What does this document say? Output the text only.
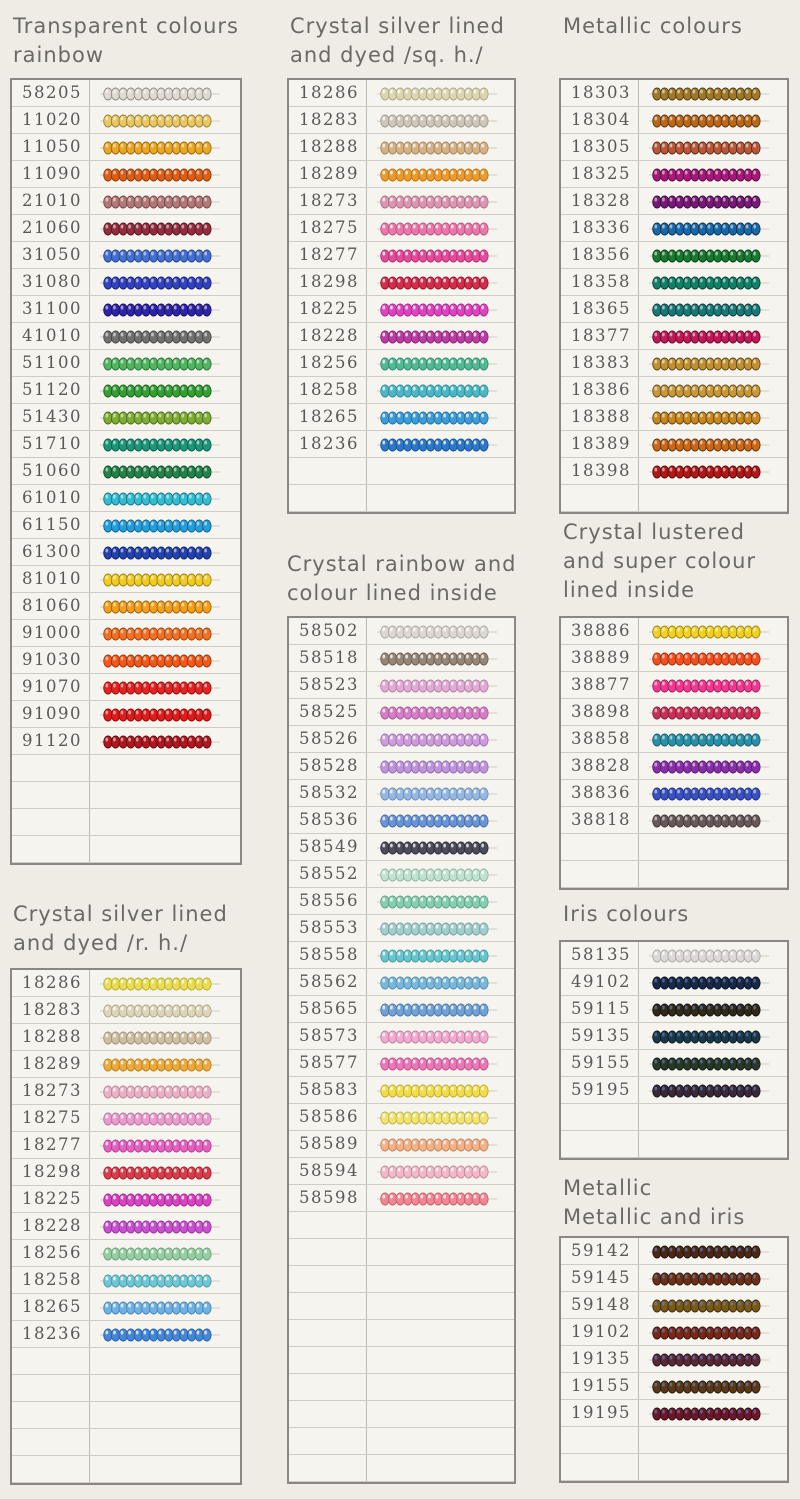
Transparent colours
rainbow
58205
11020
11050
11090
21010
21060
31050
31080
31100
41010
51100
51120
51430
51710
51060
61010
61150
61300
81010
81060
91000
91030
91070
91090
91120
Crystal silver lined
and dyed /sq. h./
18286
18283
18288
18289
18273
18275
18277
18298
18225
18228
18256
18258
18265
18236
Metallic colours
18303
18304
18305
18325
18328
18336
18356
18358
18365
18377
18383
18386
18388
18389
18398
Crystal rainbow and
colour lined inside
58502
58518
58523
58525
58526
58528
58532
58536
58549
58552
58556
58553
58558
58562
58565
58573
58577
58583
58586
58589
58594
58598
Crystal lustered
and super colour
lined inside
38886
38889
38877
38898
38858
38828
38836
38818
Crystal silver lined
and dyed /r. h./
18286
18283
18288
18289
18273
18275
18277
18298
18225
18228
18256
18258
18265
18236
Iris colours
58135
49102
59115
59135
59155
59195
Metallic
Metallic and iris
59142
59145
59148
19102
19135
19155
19195
